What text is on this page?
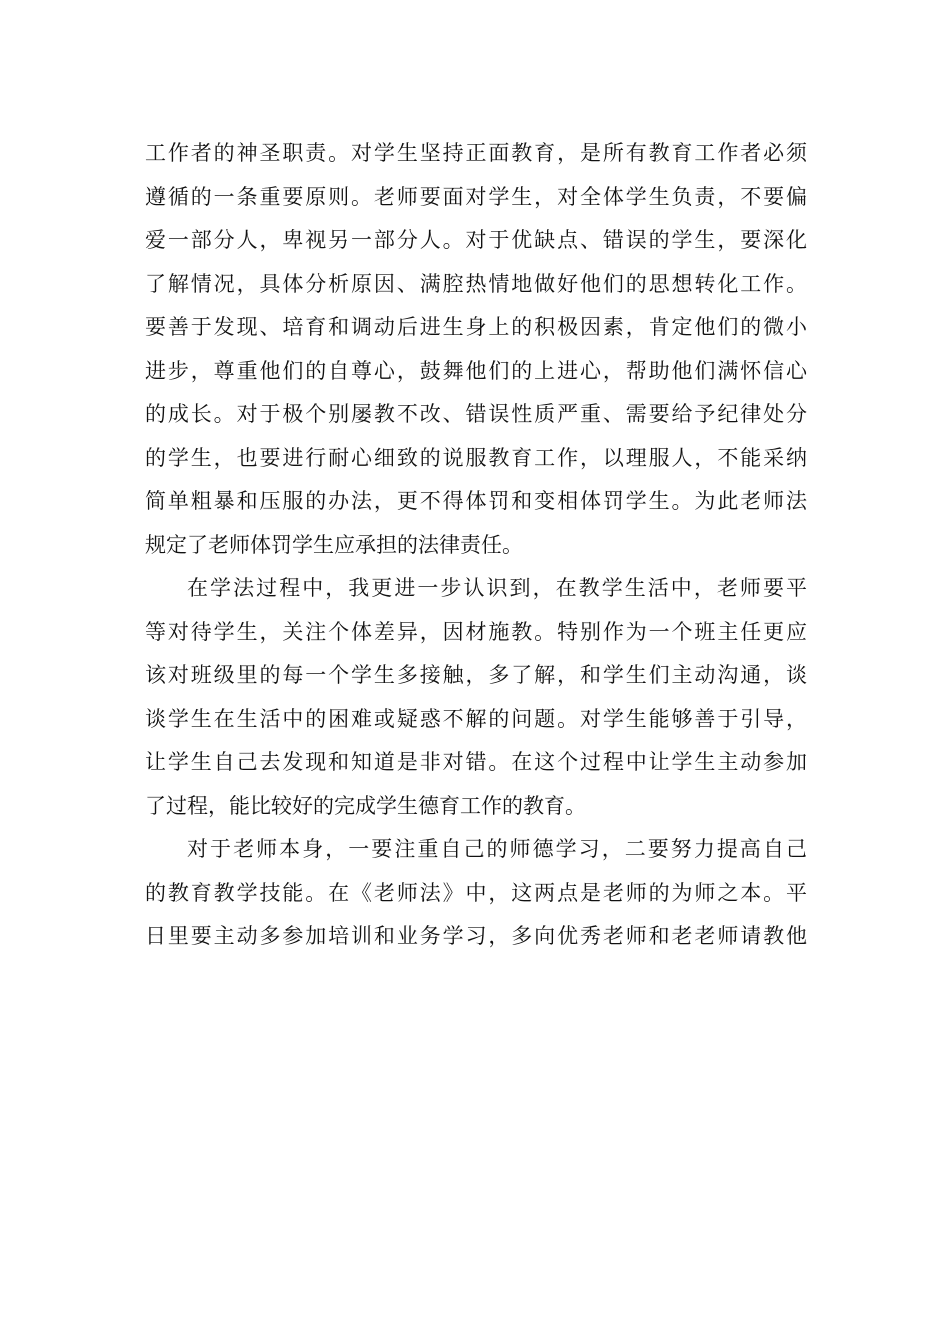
工作者的神圣职责。对学生坚持正面教育，是所有教育工作者必须
遵循的一条重要原则。老师要面对学生，对全体学生负责，不要偏
爱一部分人，卑视另一部分人。对于优缺点、错误的学生，要深化
了解情况，具体分析原因、满腔热情地做好他们的思想转化工作。
要善于发现、培育和调动后进生身上的积极因素，肯定他们的微小
进步，尊重他们的自尊心，鼓舞他们的上进心，帮助他们满怀信心
的成长。对于极个别屡教不改、错误性质严重、需要给予纪律处分
的学生，也要进行耐心细致的说服教育工作，以理服人，不能采纳
简单粗暴和压服的办法，更不得体罚和变相体罚学生。为此老师法
规定了老师体罚学生应承担的法律责任。
在学法过程中，我更进一步认识到，在教学生活中，老师要平
等对待学生，关注个体差异，因材施教。特别作为一个班主任更应
该对班级里的每一个学生多接触，多了解，和学生们主动沟通，谈
谈学生在生活中的困难或疑惑不解的问题。对学生能够善于引导，
让学生自己去发现和知道是非对错。在这个过程中让学生主动参加
了过程，能比较好的完成学生德育工作的教育。
对于老师本身，一要注重自己的师德学习，二要努力提高自己
的教育教学技能。在《老师法》中，这两点是老师的为师之本。平
日里要主动多参加培训和业务学习，多向优秀老师和老老师请教他
